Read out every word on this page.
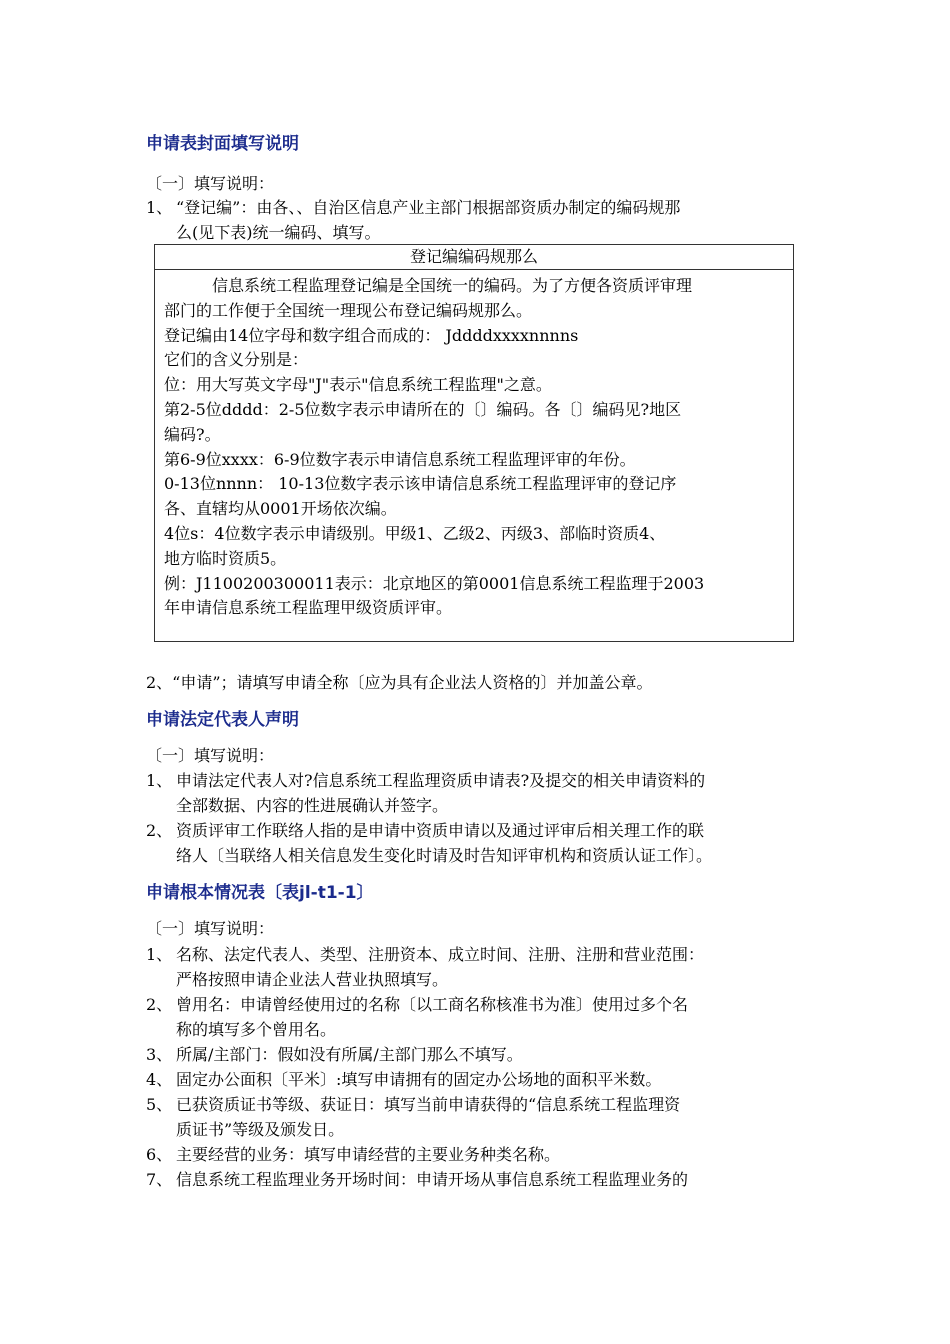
申请表封面填写说明
〔一〕填写说明：
1、 “登记编”：由各、、自治区信息产业主部门根据部资质办制定的编码规那
么(见下表)统一编码、填写。
登记编编码规那么

信息系统工程监理登记编是全国统一的编码。为了方便各资质评审理

部门的工作便于全国统一理现公布登记编码规那么。

登记编由14位字母和数字组合而成的： Jddddxxxxnnnns

它们的含义分别是：

位：用大写英文字母"J"表示"信息系统工程监理"之意。

第2-5位dddd：2-5位数字表示申请所在的〔〕编码。各〔〕编码见?地区

编码?。

第6-9位xxxx：6-9位数字表示申请信息系统工程监理评审的年份。

0-13位nnnn： 10-13位数字表示该申请信息系统工程监理评审的登记序

各、直辖均从0001开场依次编。

4位s：4位数字表示申请级别。甲级1、乙级2、丙级3、部临时资质4、

地方临时资质5。

例：J1100200300011表示：北京地区的第0001信息系统工程监理于2003

年申请信息系统工程监理甲级资质评审。

2、“申请”；请填写申请全称〔应为具有企业法人资格的〕并加盖公章。
申请法定代表人声明
〔一〕填写说明：
1、 申请法定代表人对?信息系统工程监理资质申请表?及提交的相关申请资料的
全部数据、内容的性进展确认并签字。
2、 资质评审工作联络人指的是申请中资质申请以及通过评审后相关理工作的联
络人〔当联络人相关信息发生变化时请及时告知评审机构和资质认证工作〕。
申请根本情况表〔表jl-t1-1〕
〔一〕填写说明：
1、 名称、法定代表人、类型、注册资本、成立时间、注册、注册和营业范围：
严格按照申请企业法人营业执照填写。
2、 曾用名：申请曾经使用过的名称〔以工商名称核准书为准〕使用过多个名
称的填写多个曾用名。
3、 所属/主部门：假如没有所属/主部门那么不填写。
4、 固定办公面积〔平米〕:填写申请拥有的固定办公场地的面积平米数。
5、 已获资质证书等级、获证日：填写当前申请获得的“信息系统工程监理资
质证书”等级及颁发日。
6、 主要经营的业务：填写申请经营的主要业务种类名称。
7、 信息系统工程监理业务开场时间：申请开场从事信息系统工程监理业务的
